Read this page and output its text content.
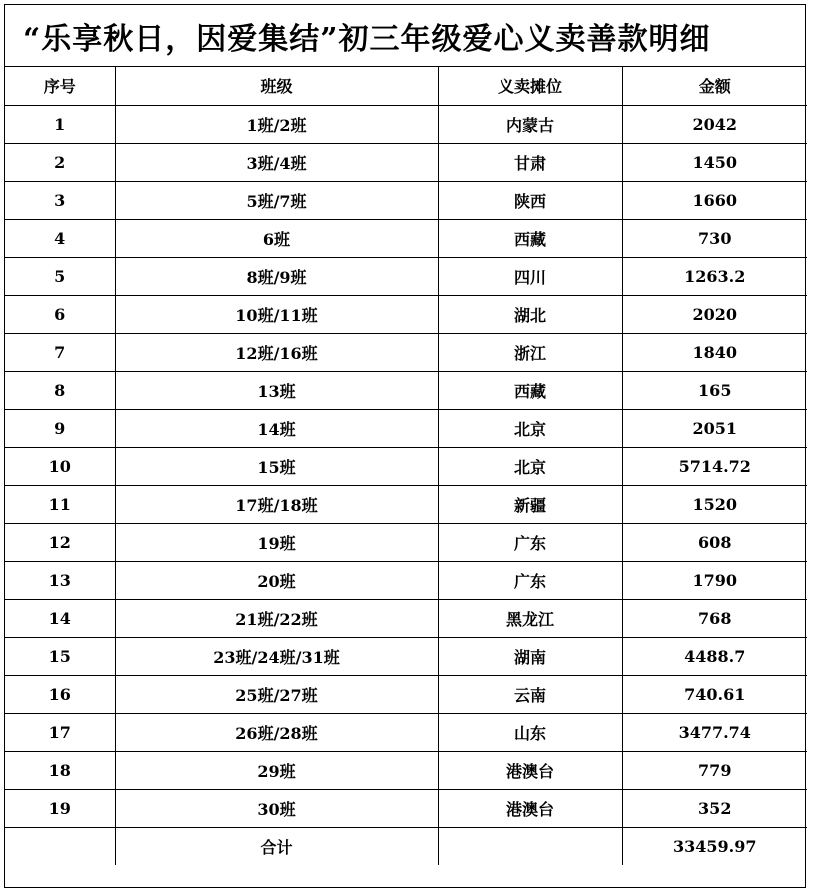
“乐享秋日，因爱集结”初三年级爱心义卖善款明细
序号	班级	义卖摊位	金额
1	1班/2班	内蒙古	2042
2	3班/4班	甘肃	1450
3	5班/7班	陕西	1660
4	6班	西藏	730
5	8班/9班	四川	1263.2
6	10班/11班	湖北	2020
7	12班/16班	浙江	1840
8	13班	西藏	165
9	14班	北京	2051
10	15班	北京	5714.72
11	17班/18班	新疆	1520
12	19班	广东	608
13	20班	广东	1790
14	21班/22班	黑龙江	768
15	23班/24班/31班	湖南	4488.7
16	25班/27班	云南	740.61
17	26班/28班	山东	3477.74
18	29班	港澳台	779
19	30班	港澳台	352
	合计		33459.97
